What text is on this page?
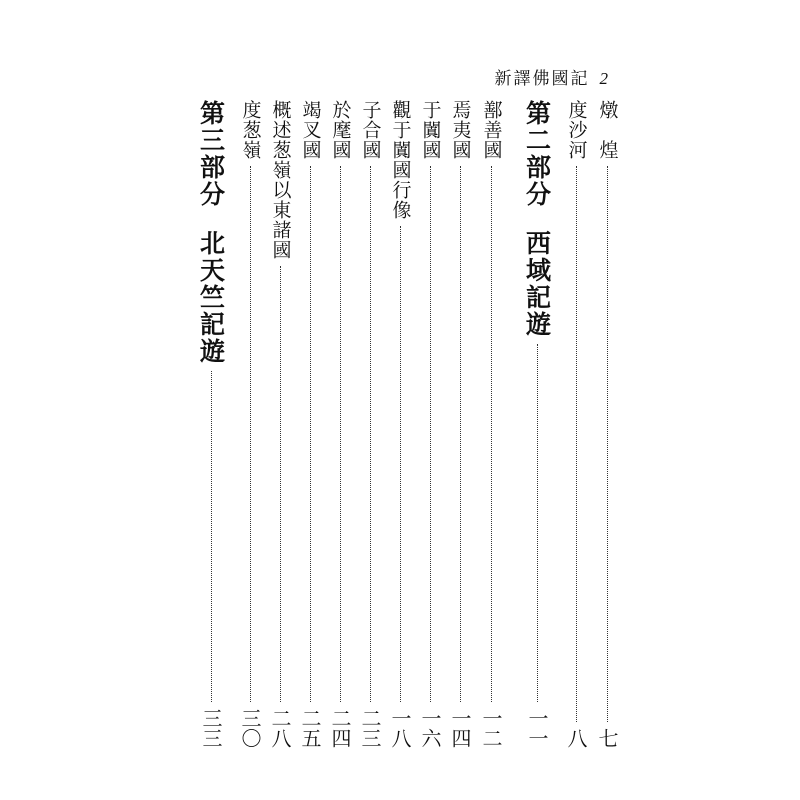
新譯佛國記 2
燉　煌
七
度沙河
八
第二部分西域記遊
一一
鄯善國
一二
焉夷國
一四
于闐國
一六
觀于闐國行像
一八
子合國
二三
於麾國
二四
竭叉國
二五
概述葱嶺以東諸國
二八
度葱嶺
三〇
第三部分北天竺記遊
三三
